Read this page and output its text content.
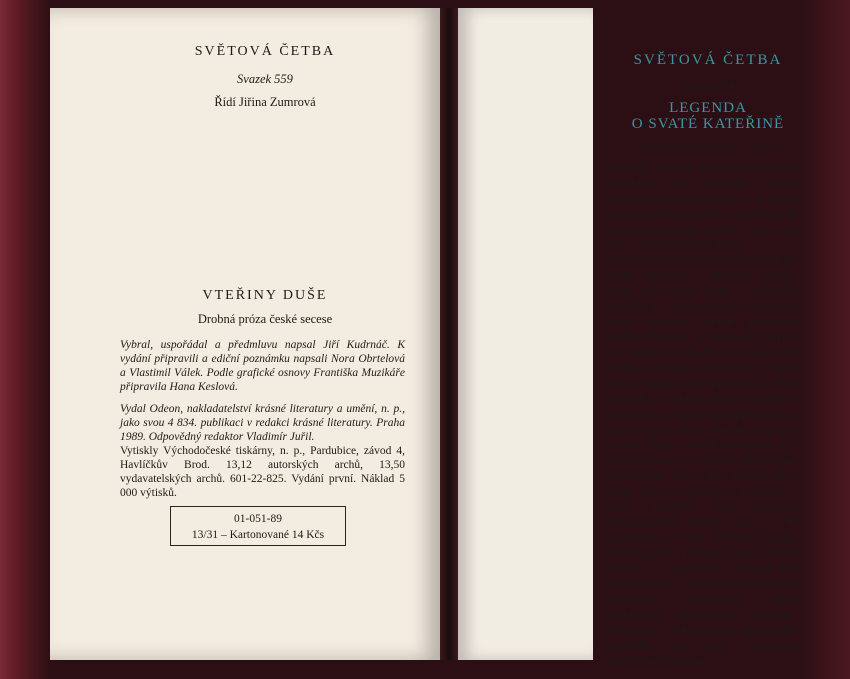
SVĚTOVÁ ČETBA
Svazek 559
Řídí Jiřina Zumrová
VTEŘINY DUŠE
Drobná próza české secese
Vybral, uspořádal a předmluvu napsal Jiří Kudrnáč. K vydání připravili a ediční poznámku napsali Nora Obrtelová a Vlastimil Válek. Podle grafické osnovy Františka Muzikáře připravila Hana Keslová.
Vydal Odeon, nakladatelství krásné literatury a umění, n. p., jako svou 4 834. publikaci v redakci krásné literatury. Praha 1989. Odpovědný redaktor Vladimír Juřil.
Vytiskly Východočeské tiskárny, n. p., Pardubice, závod 4, Havlíčkův Brod. 13,12 autorských archů, 13,50 vydavatelských archů. 601-22-825. Vydání první. Náklad 5 000 výtisků.
01-051-89
13/31 – Kartonované 14 Kčs
SVĚTOVÁ ČETBA
Svazek 524
LEGENDA
O SVATÉ KATEŘINĚ
Stran 150, cena kart. 14 Kčs

Legenda o svaté Kateřině je právem pokládána za básnický klenot staročeského písemnictví. Je to báseň utrpení i radosti, do níž je „zakleta celá rafinovaná gotická kultura. Více, celý život, i náš“ (Josef Hrabák).

S autorem tohoto díla vstoupil do dějin české středověké literatury básník, který jako první tvořil z osobního prožitku a z nitra své doby. Legenda o svaté Kateřině shrnuje předchozí tradici literatury v národním jazyce, její tvárnou zkušenost, a zároveň tuto tradici překonává, vdechujíc jí nový život. Vznikla pravděpodobně v třetí čtvrtině 14. století: je tedy jednou z posledních velkých básní předhusitské doby. Není však labutím zpěvem kultury, která, vnitřně vyčerpána, tuší svůj soumrak: je naplněna slovesnými možnostmi, které žel neměly dost času, aby se rozvinuly. Legenda o svaté Kateřině láká současné překladatelské umění, aby na ní vyzkoušelo své síly. Věříme, že četba tohoto nového překladu, který čtenáři dokáže ve slovesném ustrojení díla odkrýt leccos, co bychom třeba jinak nedokázali postihnout, bude svébytným uměleckým zážitkem. Zároveň si však přejeme, aby čtenáře podnítila k touze vrátit se ke kráse staročeského originálu.
